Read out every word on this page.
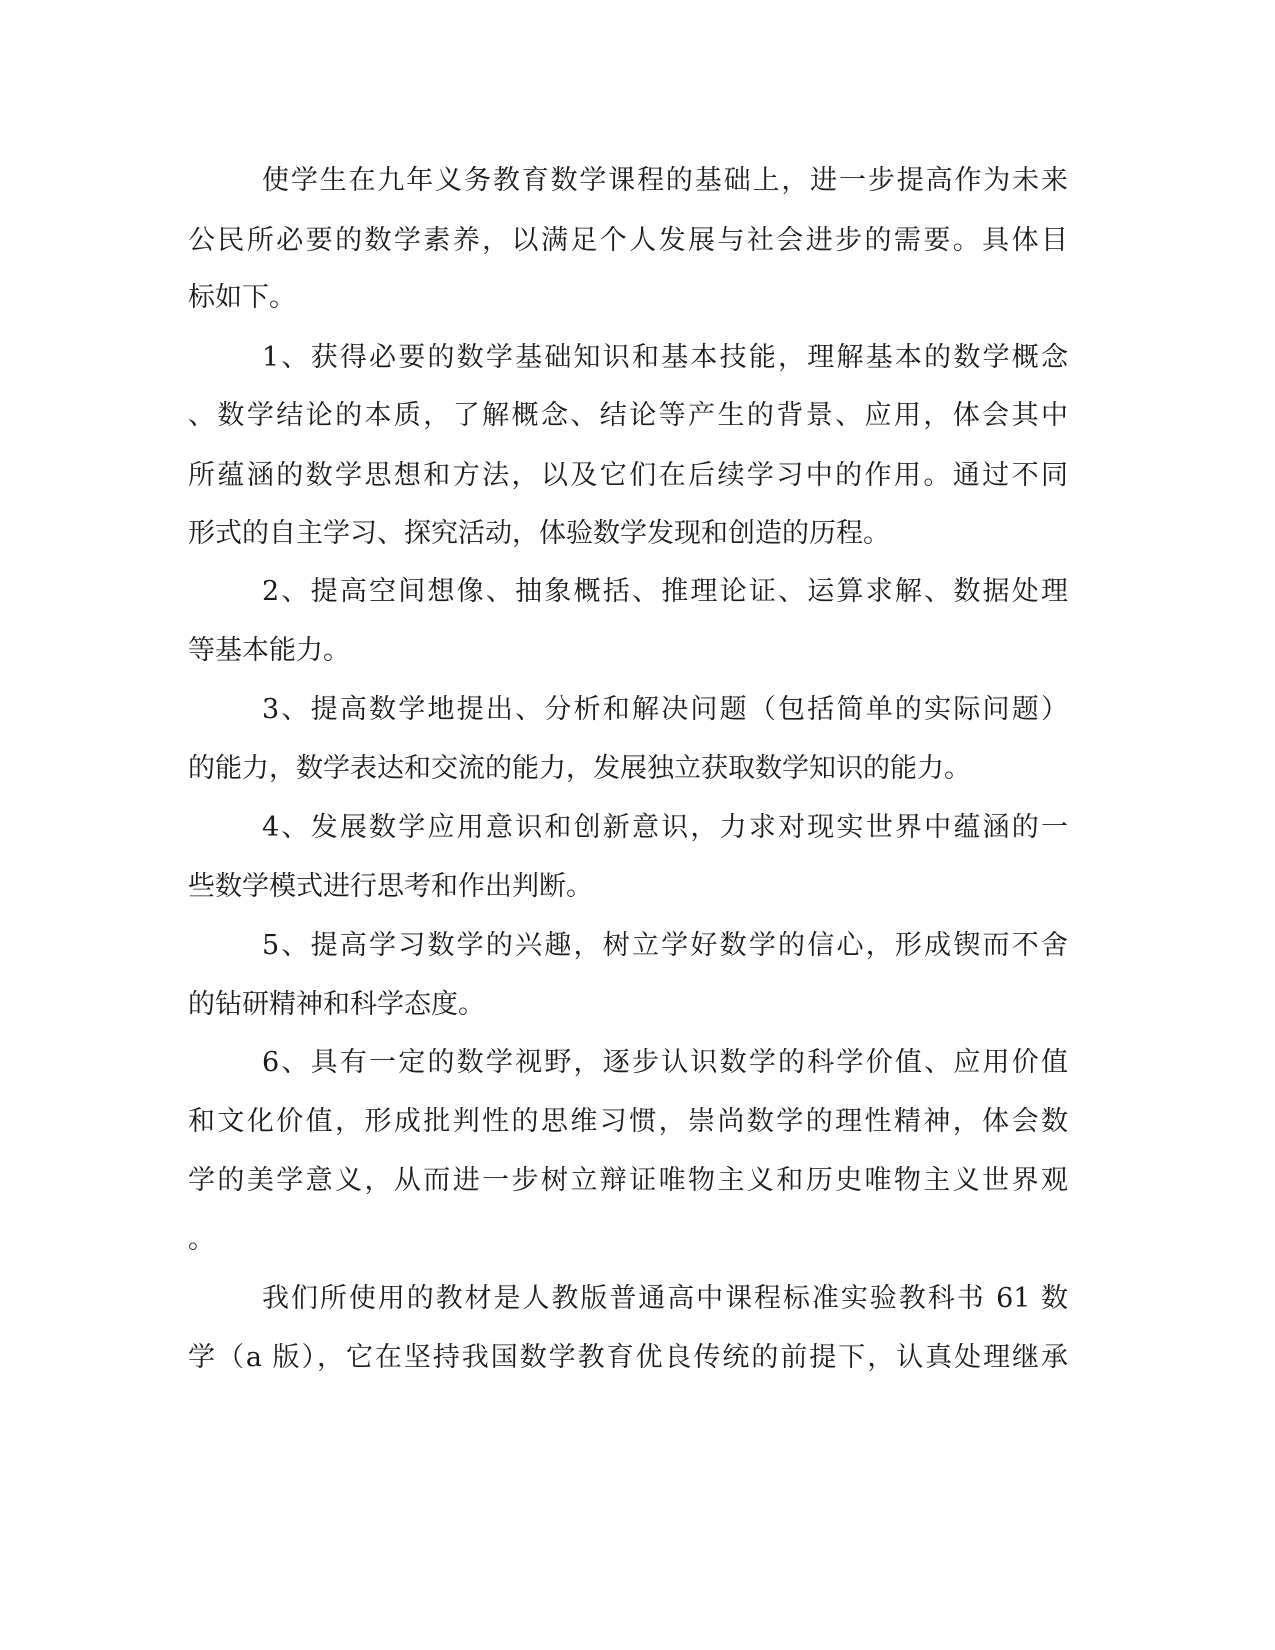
使学生在九年义务教育数学课程的基础上，进一步提高作为未来
公民所必要的数学素养，以满足个人发展与社会进步的需要。具体目
标如下。
1、获得必要的数学基础知识和基本技能，理解基本的数学概念
、数学结论的本质，了解概念、结论等产生的背景、应用，体会其中
所蕴涵的数学思想和方法，以及它们在后续学习中的作用。通过不同
形式的自主学习、探究活动，体验数学发现和创造的历程。
2、提高空间想像、抽象概括、推理论证、运算求解、数据处理
等基本能力。
3、提高数学地提出、分析和解决问题（包括简单的实际问题）
的能力，数学表达和交流的能力，发展独立获取数学知识的能力。
4、发展数学应用意识和创新意识，力求对现实世界中蕴涵的一
些数学模式进行思考和作出判断。
5、提高学习数学的兴趣，树立学好数学的信心，形成锲而不舍
的钻研精神和科学态度。
6、具有一定的数学视野，逐步认识数学的科学价值、应用价值
和文化价值，形成批判性的思维习惯，崇尚数学的理性精神，体会数
学的美学意义，从而进一步树立辩证唯物主义和历史唯物主义世界观
。
我们所使用的教材是人教版普通高中课程标准实验教科书 61 数
学（a 版），它在坚持我国数学教育优良传统的前提下，认真处理继承
